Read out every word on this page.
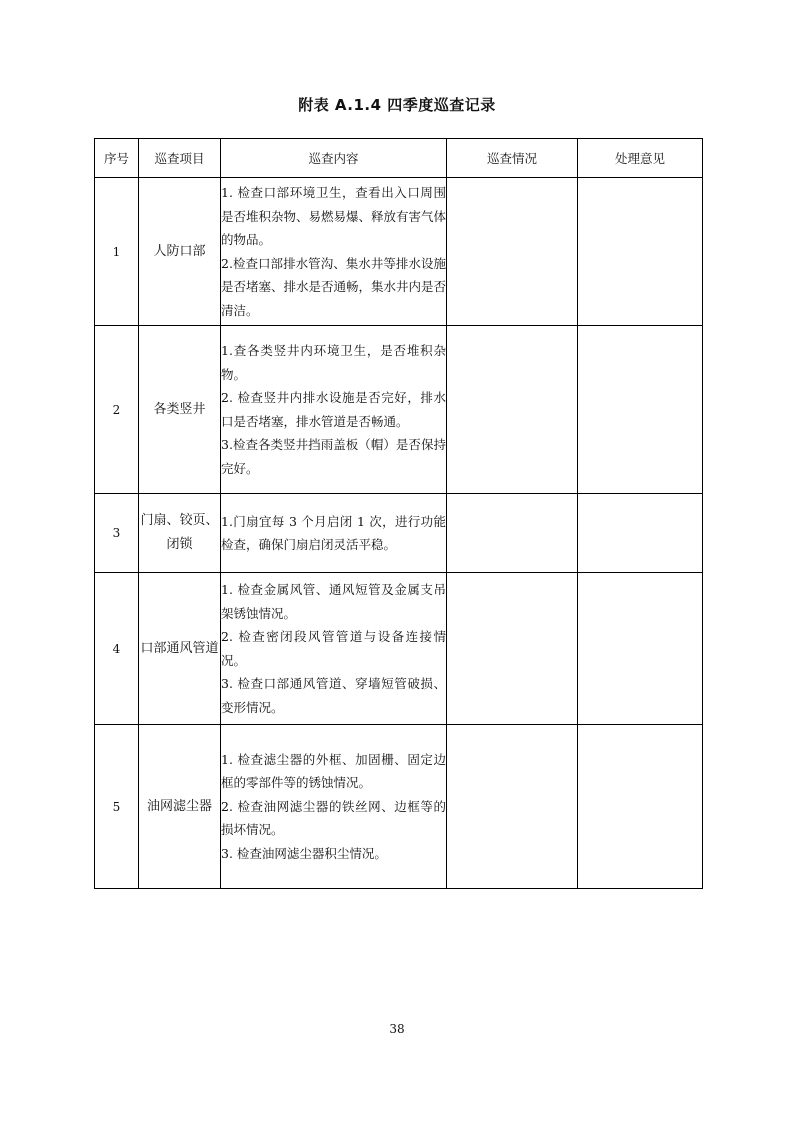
附表 A.1.4 四季度巡查记录
序号	巡查项目	巡查内容	巡查情况	处理意见
1	人防口部	1. 检查口部环境卫生，查看出入口周围是否堆积杂物、易燃易爆、释放有害气体的物品。
2.检查口部排水管沟、集水井等排水设施是否堵塞、排水是否通畅，集水井内是否清洁。		

2	各类竖井	1.查各类竖井内环境卫生，是否堆积杂物。
2. 检查竖井内排水设施是否完好，排水口是否堵塞，排水管道是否畅通。
3.检查各类竖井挡雨盖板（帽）是否保持完好。		

3	门扇、铰页、闭锁	1.门扇宜每 3 个月启闭 1 次，进行功能检查，确保门扇启闭灵活平稳。		

4	口部通风管道	1. 检查金属风管、通风短管及金属支吊架锈蚀情况。
2. 检查密闭段风管管道与设备连接情况。
3. 检查口部通风管道、穿墙短管破损、变形情况。		

5	油网滤尘器	1. 检查滤尘器的外框、加固栅、固定边框的零部件等的锈蚀情况。
2. 检查油网滤尘器的铁丝网、边框等的损坏情况。
3. 检查油网滤尘器积尘情况。		

38
